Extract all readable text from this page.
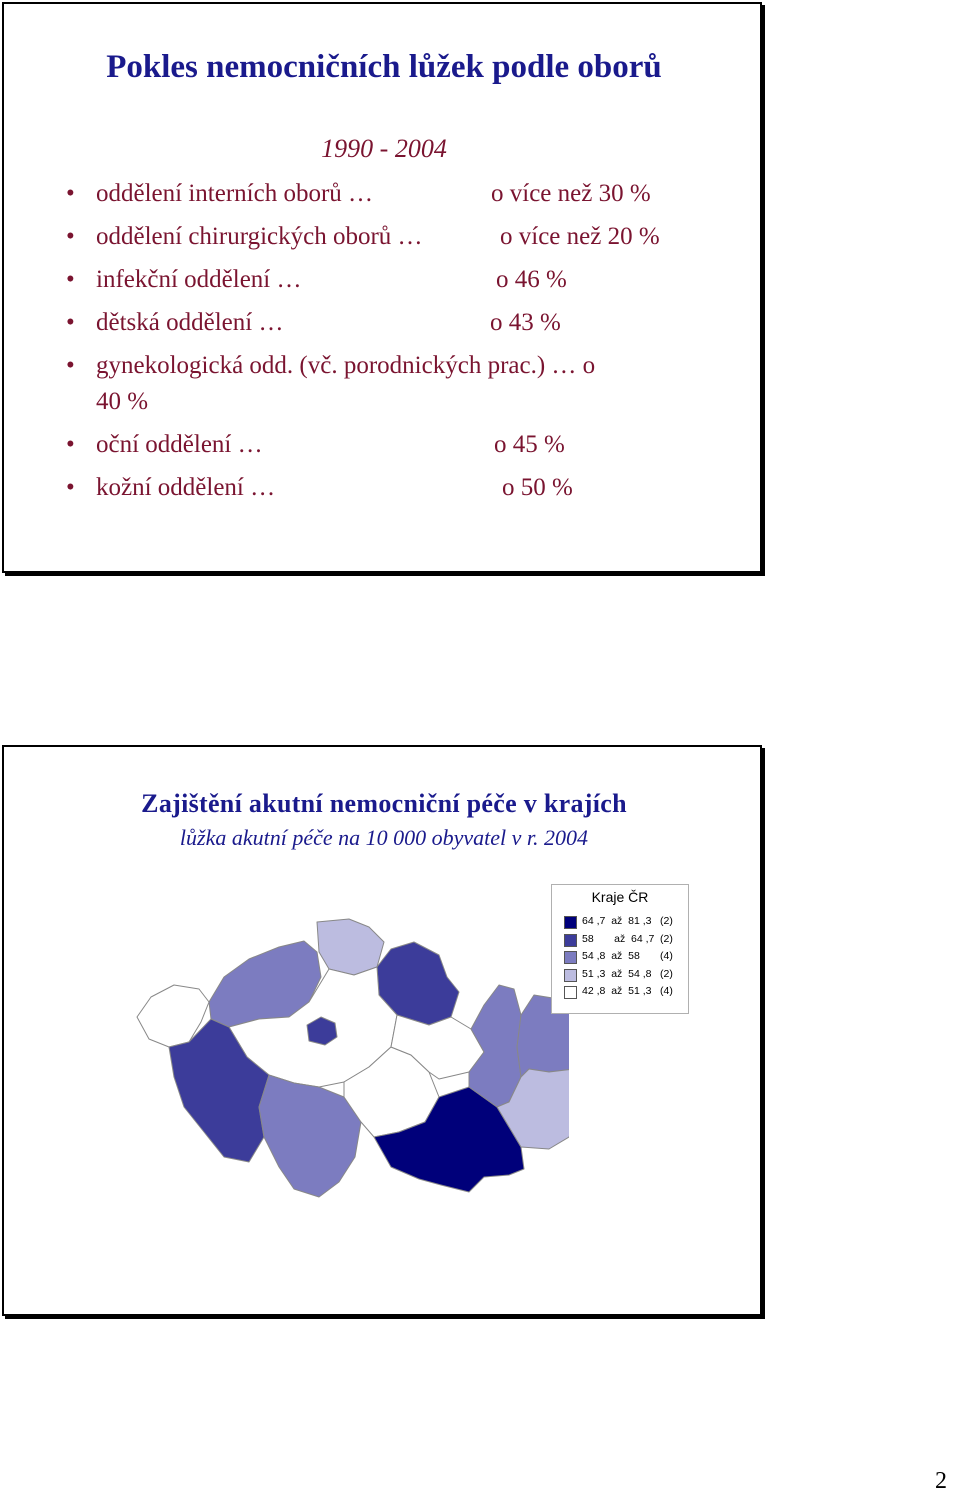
Pokles nemocničních lůžek podle oborů
1990 - 2004
• oddělení interních oborů …	o více než 30 %
• oddělení chirurgických oborů …	o více než 20 %
• infekční oddělení …	o 46 %
• dětská oddělení …	o 43 %
• gynekologická odd. (vč. porodnických prac.) … o
40 %
• oční oddělení …	o 45 %
• kožní oddělení …	o 50 %
Zajištění akutní nemocniční péče v krajích
lůžka akutní péče na 10 000 obyvatel v r. 2004
Kraje ČR
64 ,7  až  81 ,3 (2)
58       až  64 ,7 (2)
54 ,8  až  58 (4)
51 ,3  až  54 ,8 (2)
42 ,8  až  51 ,3 (4)
2
